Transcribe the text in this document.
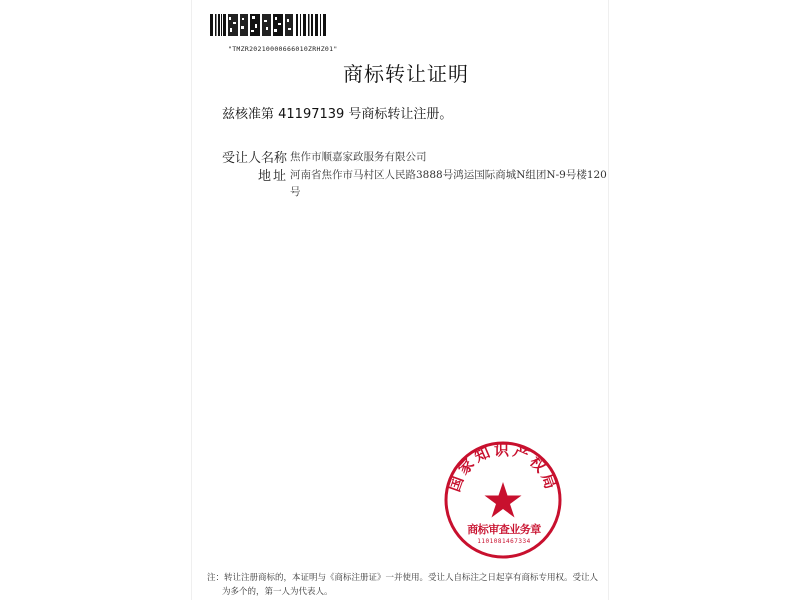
"TMZR20210000666010ZRHZ01"
商标转让证明
兹核准第 41197139 号商标转让注册。
受让人名称 焦作市顺嘉家政服务有限公司
地址 河南省焦作市马村区人民路3888号鸿运国际商城N组团N-9号楼120
号
国家知识产权局
商标审查业务章
1101081467334
注：转让注册商标的，本证明与《商标注册证》一并使用。受让人自标注之日起享有商标专用权。受让人
为多个的，第一人为代表人。
